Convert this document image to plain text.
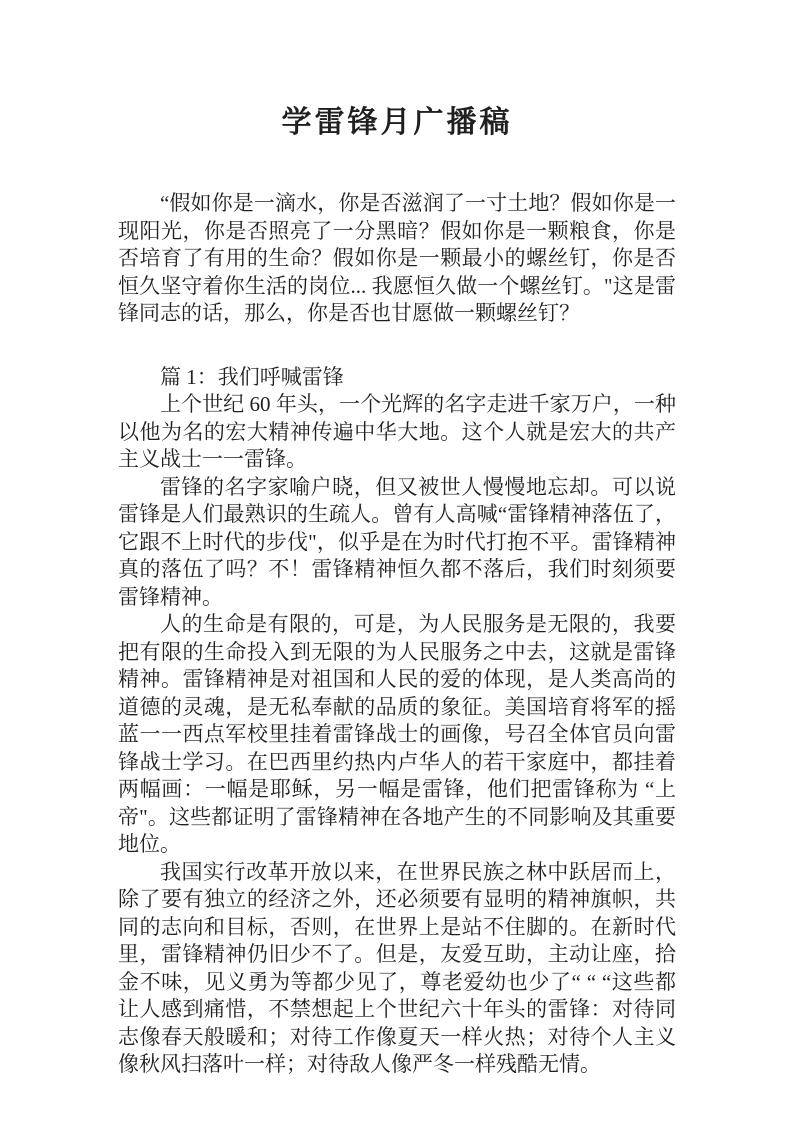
学雷锋月广播稿

“假如你是一滴水，你是否滋润了一寸土地？假如你是一现阳光，你是否照亮了一分黑暗？假如你是一颗粮食，你是否培育了有用的生命？假如你是一颗最小的螺丝钉，你是否恒久坚守着你生活的岗位... 我愿恒久做一个螺丝钉。"这是雷锋同志的话，那么，你是否也甘愿做一颗螺丝钉？

篇 1：我们呼喊雷锋

上个世纪 60 年头，一个光辉的名字走进千家万户，一种以他为名的宏大精神传遍中华大地。这个人就是宏大的共产主义战士一一雷锋。

雷锋的名字家喻户晓，但又被世人慢慢地忘却。可以说雷锋是人们最熟识的生疏人。曾有人高喊“雷锋精神落伍了，它跟不上时代的步伐"，似乎是在为时代打抱不平。雷锋精神真的落伍了吗？不！雷锋精神恒久都不落后，我们时刻须要雷锋精神。

人的生命是有限的，可是，为人民服务是无限的，我要把有限的生命投入到无限的为人民服务之中去，这就是雷锋精神。雷锋精神是对祖国和人民的爱的体现，是人类高尚的道德的灵魂，是无私奉献的品质的象征。美国培育将军的摇蓝一一西点军校里挂着雷锋战士的画像，号召全体官员向雷锋战士学习。在巴西里约热内卢华人的若干家庭中，都挂着两幅画：一幅是耶稣，另一幅是雷锋，他们把雷锋称为 “上帝"。这些都证明了雷锋精神在各地产生的不同影响及其重要地位。

我国实行改革开放以来，在世界民族之林中跃居而上，除了要有独立的经济之外，还必须要有显明的精神旗帜，共同的志向和目标，否则，在世界上是站不住脚的。在新时代里，雷锋精神仍旧少不了。但是，友爱互助，主动让座，拾金不味，见义勇为等都少见了，尊老爱幼也少了“ “ “这些都让人感到痛惜，不禁想起上个世纪六十年头的雷锋：对待同志像春天般暖和；对待工作像夏天一样火热；对待个人主义像秋风扫落叶一样；对待敌人像严冬一样残酷无情。
